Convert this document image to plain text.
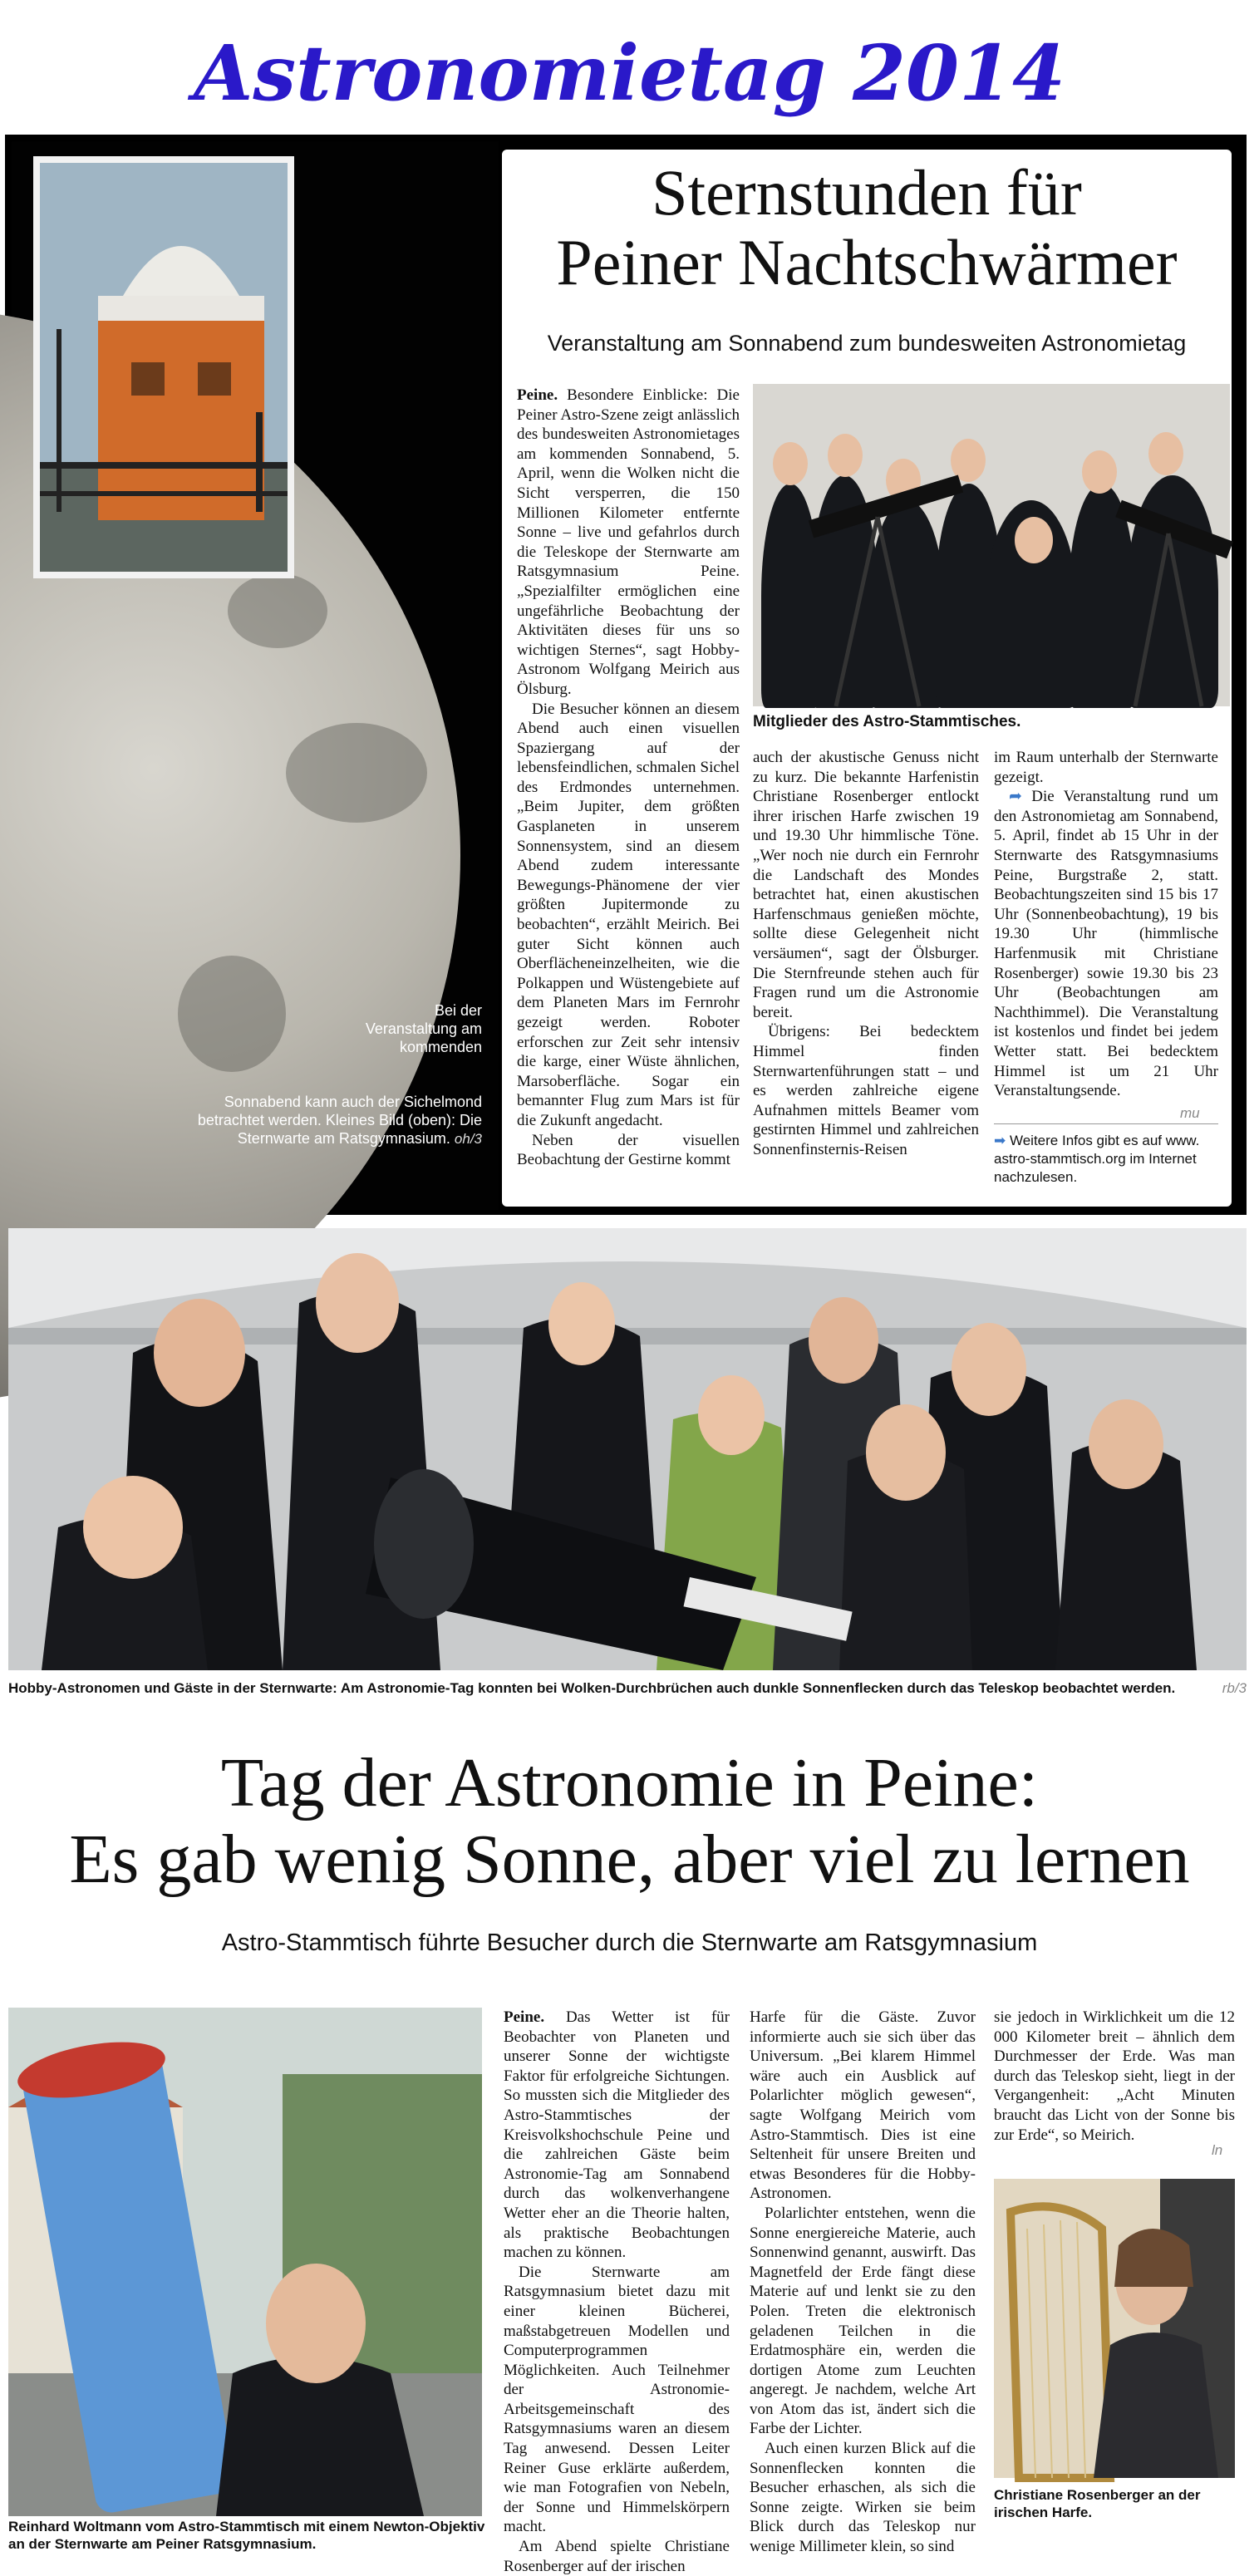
Astronomietag 2014
Bei der Veranstaltung am kommenden
Sonnabend kann auch der Sichelmond betrachtet werden. Kleines Bild (oben): Die Sternwarte am Ratsgymnasium. oh/3
Sternstunden für
Peiner Nachtschwärmer
Veranstaltung am Sonnabend zum bundesweiten Astronomietag

Peine. Besondere Einblicke: Die Peiner Astro-Szene zeigt anlässlich des bundesweiten Astronomietages am kommenden Sonnabend, 5. April, wenn die Wolken nicht die Sicht versperren, die 150 Millionen Kilometer entfernte Sonne – live und gefahrlos durch die Teleskope der Sternwarte am Ratsgymnasium Peine. „Spezialfilter ermöglichen eine ungefährliche Beobachtung der Aktivitäten dieses für uns so wichtigen Sternes“, sagt Hobby-Astronom Wolfgang Meirich aus Ölsburg.

Die Besucher können an diesem Abend auch einen visuellen Spaziergang auf der lebensfeindlichen, schmalen Sichel des Erdmondes unternehmen. „Beim Jupiter, dem größten Gasplaneten in unserem Sonnensystem, sind an diesem Abend zudem interessante Bewegungs-Phänomene der vier größten Jupitermonde zu beobachten“, erzählt Meirich. Bei guter Sicht können auch Oberflächeneinzelheiten, wie die Polkappen und Wüstengebiete auf dem Planeten Mars im Fernrohr gezeigt werden. Roboter erforschen zur Zeit sehr intensiv die karge, einer Wüste ähnlichen, Marsoberfläche. Sogar ein bemannter Flug zum Mars ist für die Zukunft angedacht.

Neben der visuellen Beobachtung der Gestirne kommt

Mitglieder des Astro-Stammtisches.

auch der akustische Genuss nicht zu kurz. Die bekannte Harfenistin Christiane Rosenberger entlockt ihrer irischen Harfe zwischen 19 und 19.30 Uhr himmlische Töne. „Wer noch nie durch ein Fernrohr die Landschaft des Mondes betrachtet hat, einen akustischen Harfenschmaus genießen möchte, sollte diese Gelegenheit nicht versäumen“, sagt der Ölsburger. Die Sternfreunde stehen auch für Fragen rund um die Astronomie bereit.

Übrigens: Bei bedecktem Himmel finden Sternwartenführungen statt – und es werden zahlreiche eigene Aufnahmen mittels Beamer vom gestirnten Himmel und zahlreichen Sonnenfinsternis-Reisen

im Raum unterhalb der Sternwarte gezeigt.

➦ Die Veranstaltung rund um den Astronomietag am Sonnabend, 5. April, findet ab 15 Uhr in der Sternwarte des Ratsgymnasiums Peine, Burgstraße 2, statt. Beobachtungszeiten sind 15 bis 17 Uhr (Sonnenbeobachtung), 19 bis 19.30 Uhr (himmlische Harfenmusik mit Christiane Rosenberger) sowie 19.30 bis 23 Uhr (Beobachtungen am Nachthimmel). Die Veranstaltung ist kostenlos und findet bei jedem Wetter statt. Bei bedecktem Himmel ist um 21 Uhr Veranstaltungsende.

mu
➡ Weitere Infos gibt es auf www.
astro-stammtisch.org im Internet
nachzulesen.
Hobby-Astronomen und Gäste in der Sternwarte: Am Astronomie-Tag konnten bei Wolken-Durchbrüchen auch dunkle Sonnenflecken durch das Teleskop beobachtet werden.	rb/3
Tag der Astronomie in Peine:
Es gab wenig Sonne, aber viel zu lernen
Astro-Stammtisch führte Besucher durch die Sternwarte am Ratsgymnasium
Reinhard Woltmann vom Astro-Stammtisch mit einem Newton-Objektiv an der Sternwarte am Peiner Ratsgymnasium.

Peine. Das Wetter ist für Beobachter von Planeten und unserer Sonne der wichtigste Faktor für erfolgreiche Sichtungen. So mussten sich die Mitglieder des Astro-Stammtisches der Kreisvolkshochschule Peine und die zahlreichen Gäste beim Astronomie-Tag am Sonnabend durch das wolkenverhangene Wetter eher an die Theorie halten, als praktische Beobachtungen machen zu können.

Die Sternwarte am Ratsgymnasium bietet dazu mit einer kleinen Bücherei, maßstabgetreuen Modellen und Computerprogrammen Möglichkeiten. Auch Teilnehmer der Astronomie-Arbeitsgemeinschaft des Ratsgymnasiums waren an diesem Tag anwesend. Dessen Leiter Reiner Guse erklärte außerdem, wie man Fotografien von Nebeln, der Sonne und Himmelskörpern macht.

Am Abend spielte Christiane Rosenberger auf der irischen

Harfe für die Gäste. Zuvor informierte auch sie sich über das Universum. „Bei klarem Himmel wäre auch ein Ausblick auf Polarlichter möglich gewesen“, sagte Wolfgang Meirich vom Astro-Stammtisch. Dies ist eine Seltenheit für unsere Breiten und etwas Besonderes für die Hobby-Astronomen.

Polarlichter entstehen, wenn die Sonne energiereiche Materie, auch Sonnenwind genannt, auswirft. Das Magnetfeld der Erde fängt diese Materie auf und lenkt sie zu den Polen. Treten die elektronisch geladenen Teilchen in die Erdatmosphäre ein, werden die dortigen Atome zum Leuchten angeregt. Je nachdem, welche Art von Atom das ist, ändert sich die Farbe der Lichter.

Auch einen kurzen Blick auf die Sonnenflecken konnten die Besucher erhaschen, als sich die Sonne zeigte. Wirken sie beim Blick durch das Teleskop nur wenige Millimeter klein, so sind

sie jedoch in Wirklichkeit um die 12 000 Kilometer breit – ähnlich dem Durchmesser der Erde. Was man durch das Teleskop sieht, liegt in der Vergangenheit: „Acht Minuten braucht das Licht von der Sonne bis zur Erde“, so Meirich.

ln
Christiane Rosenberger an der irischen Harfe.
